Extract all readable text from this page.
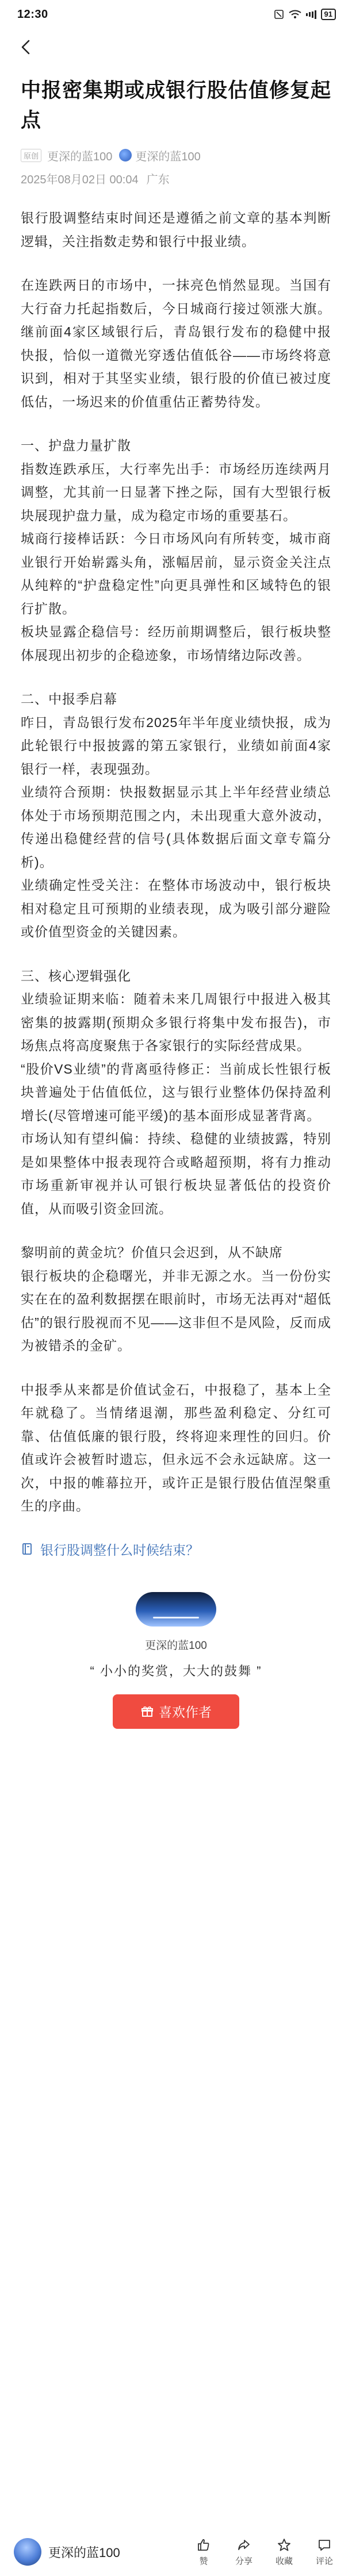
12:30	91
中报密集期或成银行股估值修复起点
原创 更深的蓝100 更深的蓝100
2025年08月02日 00:04 广东

银行股调整结束时间还是遵循之前文章的基本判断逻辑，关注指数走势和银行中报业绩。

在连跌两日的市场中，一抹亮色悄然显现。当国有大行奋力托起指数后，今日城商行接过领涨大旗。继前面4家区域银行后，青岛银行发布的稳健中报快报，恰似一道微光穿透估值低谷——市场终将意识到，相对于其坚实业绩，银行股的价值已被过度低估，一场迟来的价值重估正蓄势待发。

一、护盘力量扩散

指数连跌承压，大行率先出手：市场经历连续两月调整，尤其前一日显著下挫之际，国有大型银行板块展现护盘力量，成为稳定市场的重要基石。

城商行接棒话跃：今日市场风向有所转变，城市商业银行开始崭露头角，涨幅居前，显示资金关注点从纯粹的“护盘稳定性”向更具弹性和区域特色的银行扩散。

板块显露企稳信号：经历前期调整后，银行板块整体展现出初步的企稳迹象，市场情绪边际改善。

二、中报季启幕

昨日，青岛银行发布2025年半年度业绩快报，成为此轮银行中报披露的第五家银行，业绩如前面4家银行一样，表现强劲。

业绩符合预期：快报数据显示其上半年经营业绩总体处于市场预期范围之内，未出现重大意外波动，传递出稳健经营的信号(具体数据后面文章专篇分析)。

业绩确定性受关注：在整体市场波动中，银行板块相对稳定且可预期的业绩表现，成为吸引部分避险或价值型资金的关键因素。

三、核心逻辑强化

业绩验证期来临：随着未来几周银行中报进入极其密集的披露期(预期众多银行将集中发布报告)，市场焦点将高度聚焦于各家银行的实际经营成果。

“股价VS业绩”的背离亟待修正：当前成长性银行板块普遍处于估值低位，这与银行业整体仍保持盈利增长(尽管增速可能平缓)的基本面形成显著背离。

市场认知有望纠偏：持续、稳健的业绩披露，特别是如果整体中报表现符合或略超预期，将有力推动市场重新审视并认可银行板块显著低估的投资价值，从而吸引资金回流。

黎明前的黄金坑？价值只会迟到，从不缺席

银行板块的企稳曙光，并非无源之水。当一份份实实在在的盈利数据摆在眼前时，市场无法再对“超低估”的银行股视而不见——这非但不是风险，反而成为被错杀的金矿。

中报季从来都是价值试金石，中报稳了，基本上全年就稳了。当情绪退潮，那些盈利稳定、分红可靠、估值低廉的银行股，终将迎来理性的回归。价值或许会被暂时遗忘，但永远不会永远缺席。这一次，中报的帷幕拉开，或许正是银行股估值涅槃重生的序曲。

银行股调整什么时候结束？
更深的蓝100
“ 小小的奖赏，大大的鼓舞 ”
喜欢作者
更深的蓝100
赞	分享	收藏	评论
